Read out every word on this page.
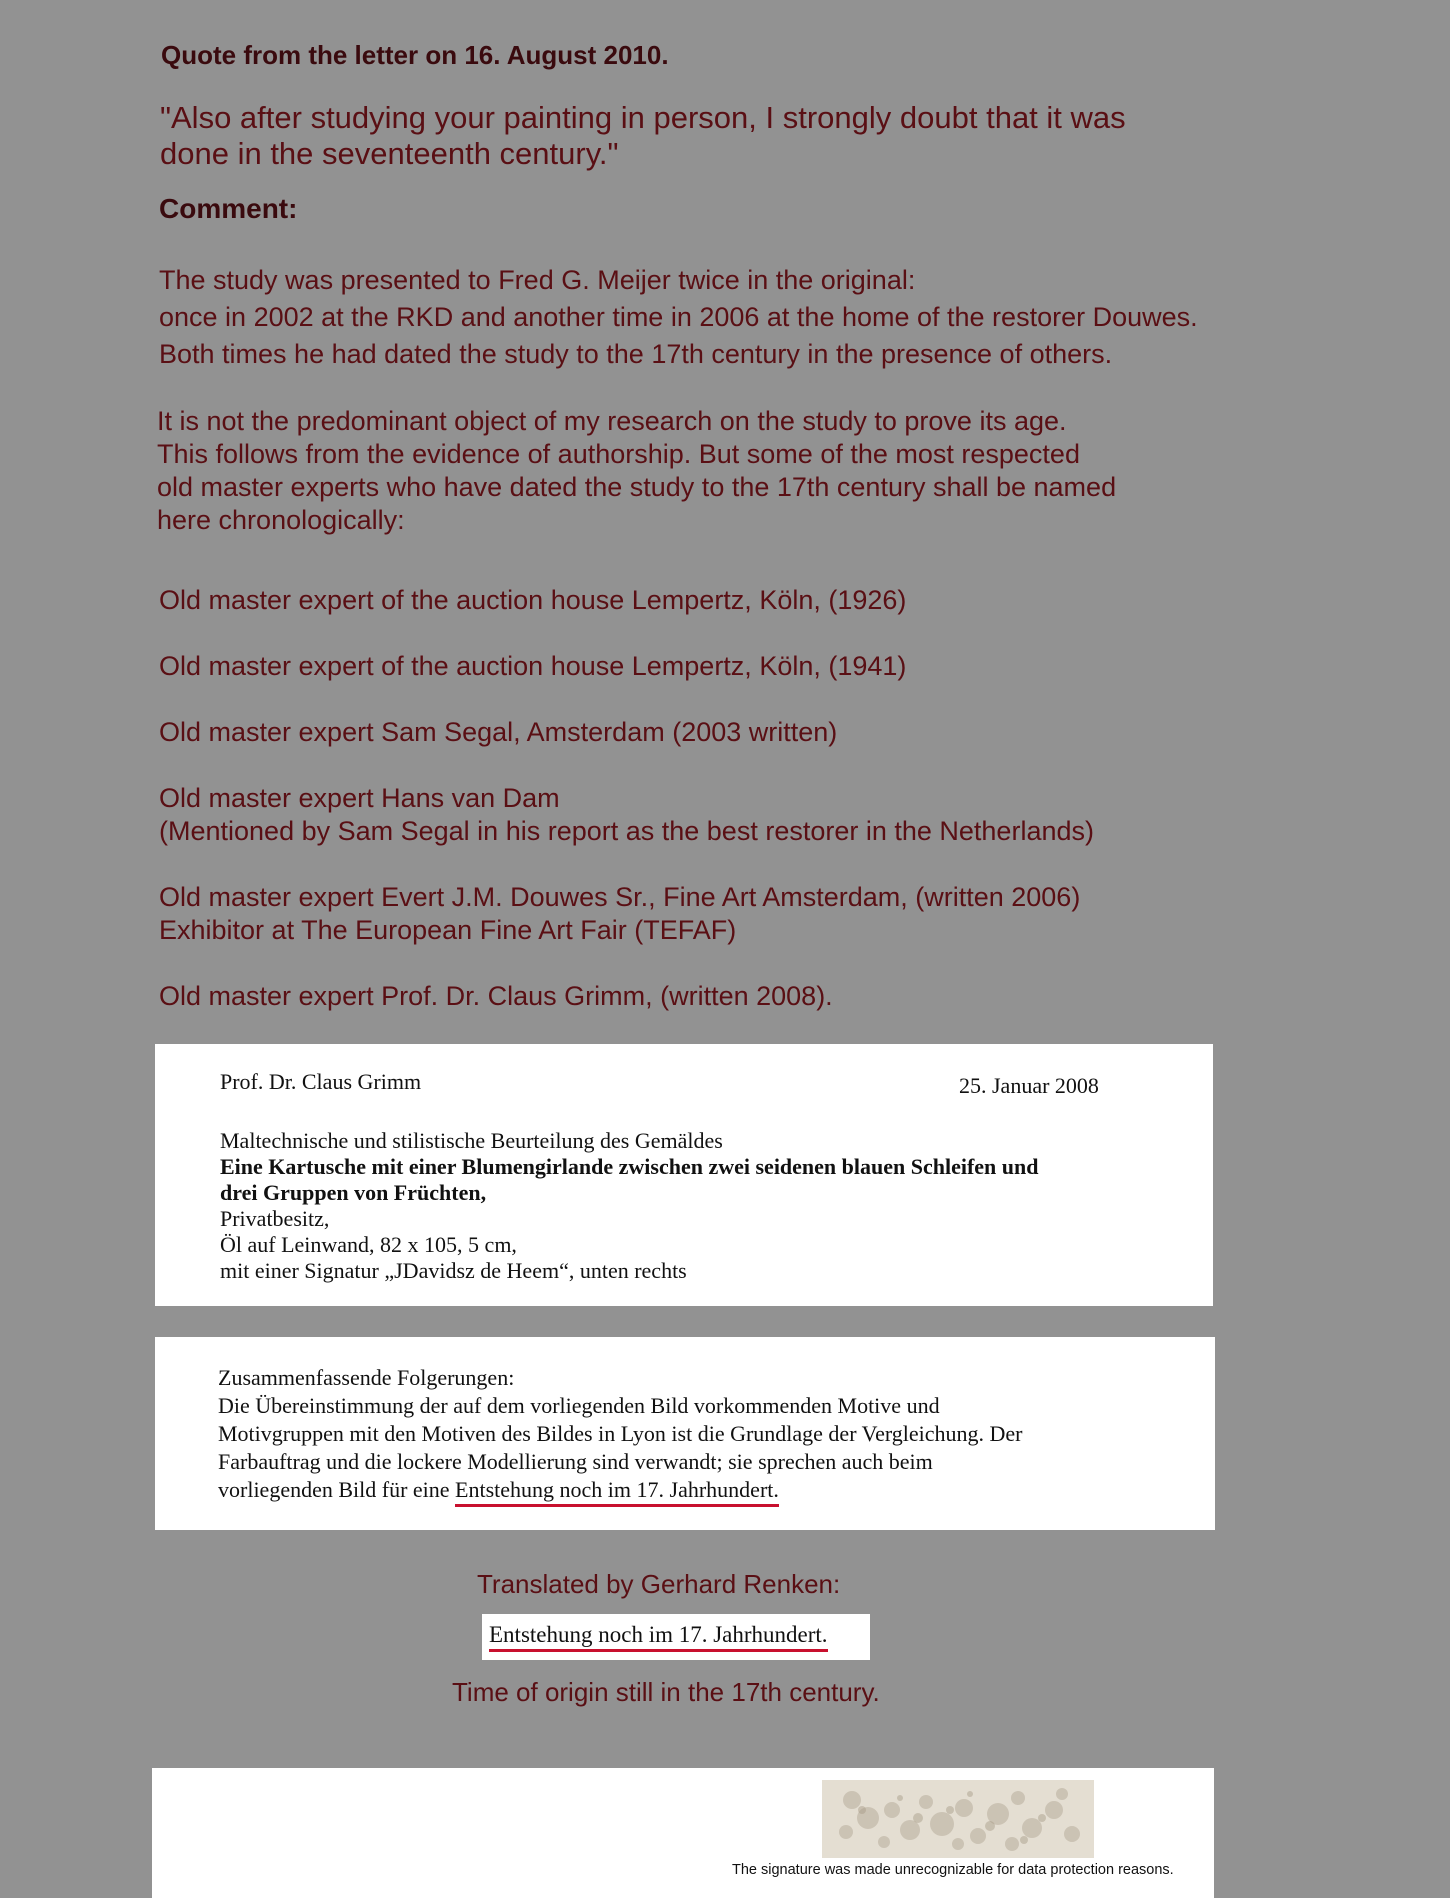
Quote from the letter on 16. August 2010.
"Also after studying your painting in person, I strongly doubt that it was
done in the seventeenth century."
Comment:
The study was presented to Fred G. Meijer twice in the original:
once in 2002 at the RKD and another time in 2006 at the home of the restorer Douwes.
Both times he had dated the study to the 17th century in the presence of others.
It is not the predominant object of my research on the study to prove its age.
This follows from the evidence of authorship. But some of the most respected
old master experts who have dated the study to the 17th century shall be named
here chronologically:
Old master expert of the auction house Lempertz, Köln, (1926)
Old master expert of the auction house Lempertz, Köln, (1941)
Old master expert Sam Segal, Amsterdam (2003 written)
Old master expert Hans van Dam
(Mentioned by Sam Segal in his report as the best restorer in the Netherlands)
Old master expert Evert J.M. Douwes Sr., Fine Art Amsterdam, (written 2006)
Exhibitor at The European Fine Art Fair (TEFAF)
Old master expert Prof. Dr. Claus Grimm, (written 2008).
Prof. Dr. Claus Grimm	25. Januar 2008
Maltechnische und stilistische Beurteilung des Gemäldes
Eine Kartusche mit einer Blumengirlande zwischen zwei seidenen blauen Schleifen und
drei Gruppen von Früchten,
Privatbesitz,
Öl auf Leinwand, 82 x 105, 5 cm,
mit einer Signatur „JDavidsz de Heem“, unten rechts
Zusammenfassende Folgerungen:
Die Übereinstimmung der auf dem vorliegenden Bild vorkommenden Motive und
Motivgruppen mit den Motiven des Bildes in Lyon ist die Grundlage der Vergleichung. Der
Farbauftrag und die lockere Modellierung sind verwandt; sie sprechen auch beim
vorliegenden Bild für eine Entstehung noch im 17. Jahrhundert.
Translated by Gerhard Renken:
Entstehung noch im 17. Jahrhundert.
Time of origin still in the 17th century.
The signature was made unrecognizable for data protection reasons.
